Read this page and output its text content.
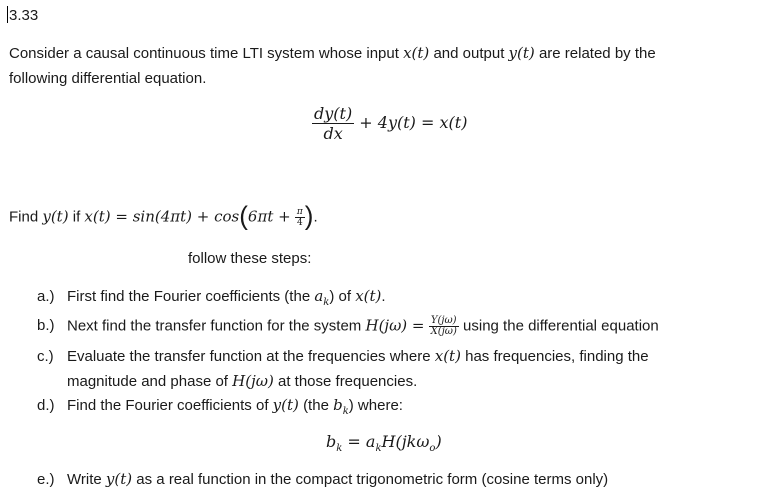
3.33
Consider a causal continuous time LTI system whose input x(t) and output y(t) are related by the
following differential equation.
$\frac{dy(t)}{dx} + 4y(t) = x(t)$
Find y(t) if $x(t) = \sin(4\pi t) + \cos(6\pi t + \frac{\pi}{4}$ ).
follow these steps:
a.) First find the Fourier coefficients (the $a_k$) of x(t).
b.) Next find the transfer function for the system $H(j\omega) = \frac{Y(j\omega)}{X(j\omega)}$ using the differential equation
c.) Evaluate the transfer function at the frequencies where x(t) has frequencies, finding the
magnitude and phase of H(jω) at those frequencies.
d.) Find the Fourier coefficients of y(t) (the $b_k$) where:
$b_k = a_kH(jk\omega_o)$
e.) Write y(t) as a real function in the compact trigonometric form (cosine terms only)
